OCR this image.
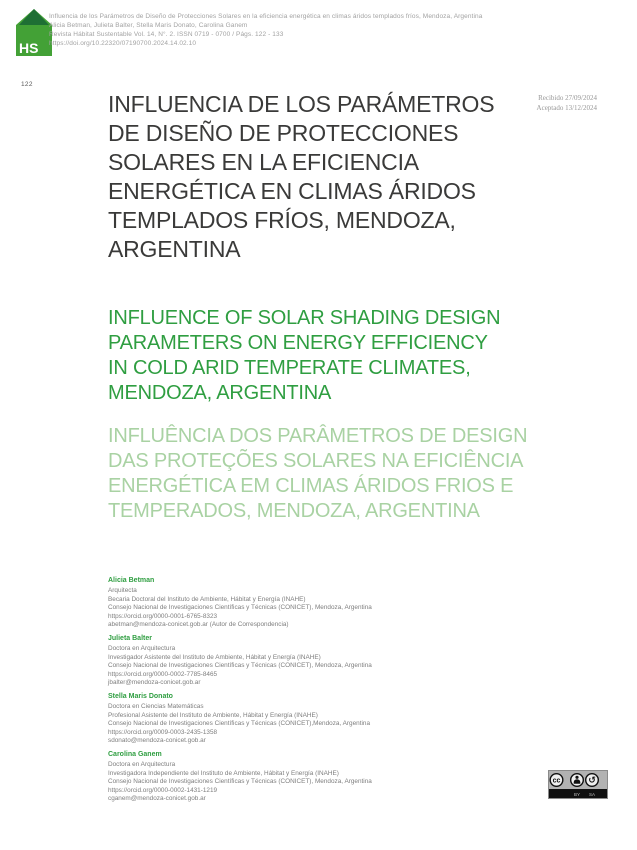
HS
Influencia de los Parámetros de Diseño de Protecciones Solares en la eficiencia energética en climas áridos templados fríos, Mendoza, Argentina
Alicia Betman, Julieta Balter, Stella Maris Donato, Carolina Ganem
Revista Hábitat Sustentable Vol. 14, N°. 2. ISSN 0719 - 0700 / Págs. 122 - 133
https://doi.org/10.22320/07190700.2024.14.02.10
122
Recibido 27/09/2024
Aceptado 13/12/2024
INFLUENCIA DE LOS PARÁMETROS
DE DISEÑO DE PROTECCIONES
SOLARES EN LA EFICIENCIA
ENERGÉTICA EN CLIMAS ÁRIDOS
TEMPLADOS FRÍOS, MENDOZA,
ARGENTINA
INFLUENCE OF SOLAR SHADING DESIGN
PARAMETERS ON ENERGY EFFICIENCY
IN COLD ARID TEMPERATE CLIMATES,
MENDOZA, ARGENTINA
INFLUÊNCIA DOS PARÂMETROS DE DESIGN
DAS PROTEÇÕES SOLARES NA EFICIÊNCIA
ENERGÉTICA EM CLIMAS ÁRIDOS FRIOS E
TEMPERADOS, MENDOZA, ARGENTINA
Alicia Betman
Arquitecta
Becaria Doctoral del Instituto de Ambiente, Hábitat y Energía (INAHE)
Consejo Nacional de Investigaciones Científicas y Técnicas (CONICET), Mendoza, Argentina
https://orcid.org/0000-0001-6765-8323
abetman@mendoza-conicet.gob.ar (Autor de Correspondencia)
Julieta Balter
Doctora en Arquitectura
Investigador Asistente del Instituto de Ambiente, Hábitat y Energía (INAHE)
Consejo Nacional de Investigaciones Científicas y Técnicas (CONICET), Mendoza, Argentina
https://orcid.org/0000-0002-7785-8465
jbalter@mendoza-conicet.gob.ar
Stella Maris Donato
Doctora en Ciencias Matemáticas
Profesional Asistente del Instituto de Ambiente, Hábitat y Energía (INAHE)
Consejo Nacional de Investigaciones Científicas y Técnicas (CONICET),Mendoza, Argentina
https://orcid.org/0009-0003-2435-1358
sdonato@mendoza-conicet.gob.ar
Carolina Ganem
Doctora en Arquitectura
Investigadora Independiente del Instituto de Ambiente, Hábitat y Energía (INAHE)
Consejo Nacional de Investigaciones Científicas y Técnicas (CONICET), Mendoza, Argentina
https://orcid.org/0000-0002-1431-1219
cganem@mendoza-conicet.gob.ar
cc	↺
BY SA
